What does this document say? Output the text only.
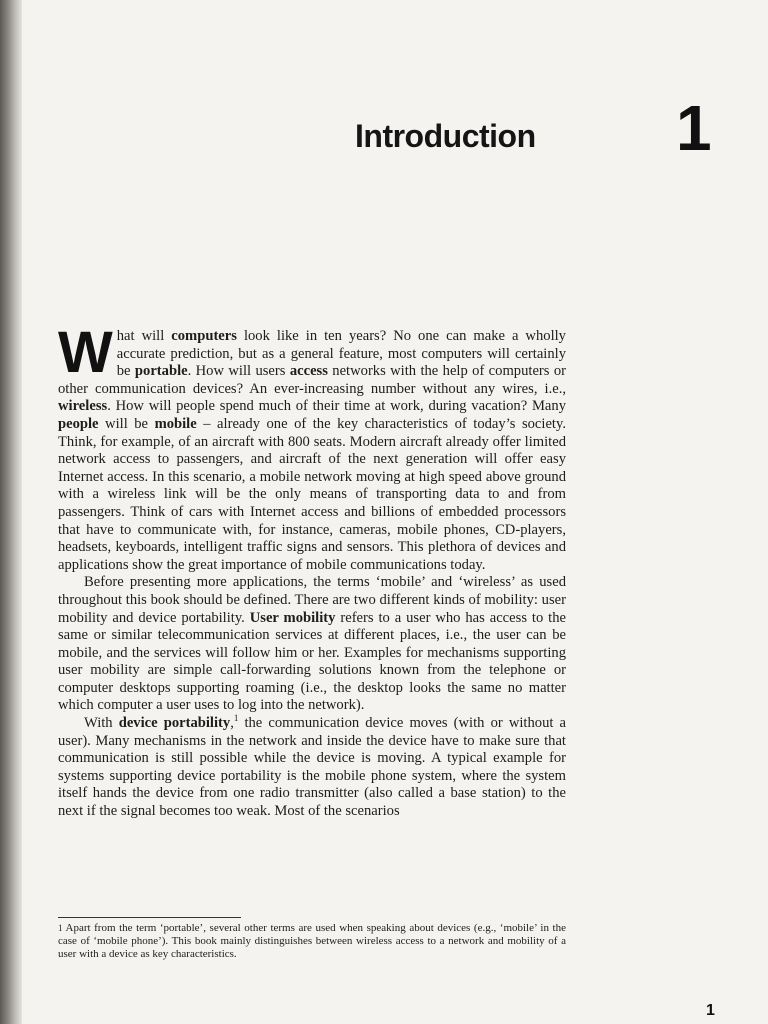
Introduction 1

What will computers look like in ten years? No one can make a wholly accurate prediction, but as a general feature, most computers will certainly be portable. How will users access networks with the help of computers or other communication devices? An ever-increasing number without any wires, i.e., wireless. How will people spend much of their time at work, during vacation? Many people will be mobile – already one of the key characteristics of today’s society. Think, for example, of an aircraft with 800 seats. Modern aircraft already offer limited network access to passengers, and aircraft of the next generation will offer easy Internet access. In this scenario, a mobile network moving at high speed above ground with a wireless link will be the only means of transporting data to and from passengers. Think of cars with Internet access and billions of embedded processors that have to communicate with, for instance, cameras, mobile phones, CD-players, headsets, keyboards, intelligent traffic signs and sensors. This plethora of devices and applications show the great importance of mobile communications today.

Before presenting more applications, the terms ‘mobile’ and ‘wireless’ as used throughout this book should be defined. There are two different kinds of mobility: user mobility and device portability. User mobility refers to a user who has access to the same or similar telecommunication services at different places, i.e., the user can be mobile, and the services will follow him or her. Examples for mechanisms supporting user mobility are simple call-forwarding solutions known from the telephone or computer desktops supporting roaming (i.e., the desktop looks the same no matter which computer a user uses to log into the network).

With device portability,$^1$ the communication device moves (with or without a user). Many mechanisms in the network and inside the device have to make sure that communication is still possible while the device is moving. A typical example for systems supporting device portability is the mobile phone system, where the system itself hands the device from one radio transmitter (also called a base station) to the next if the signal becomes too weak. Most of the scenarios

1 Apart from the term ‘portable’, several other terms are used when speaking about devices (e.g., ‘mobile’ in the case of ‘mobile phone’). This book mainly distinguishes between wireless access to a network and mobility of a user with a device as key characteristics.
1
